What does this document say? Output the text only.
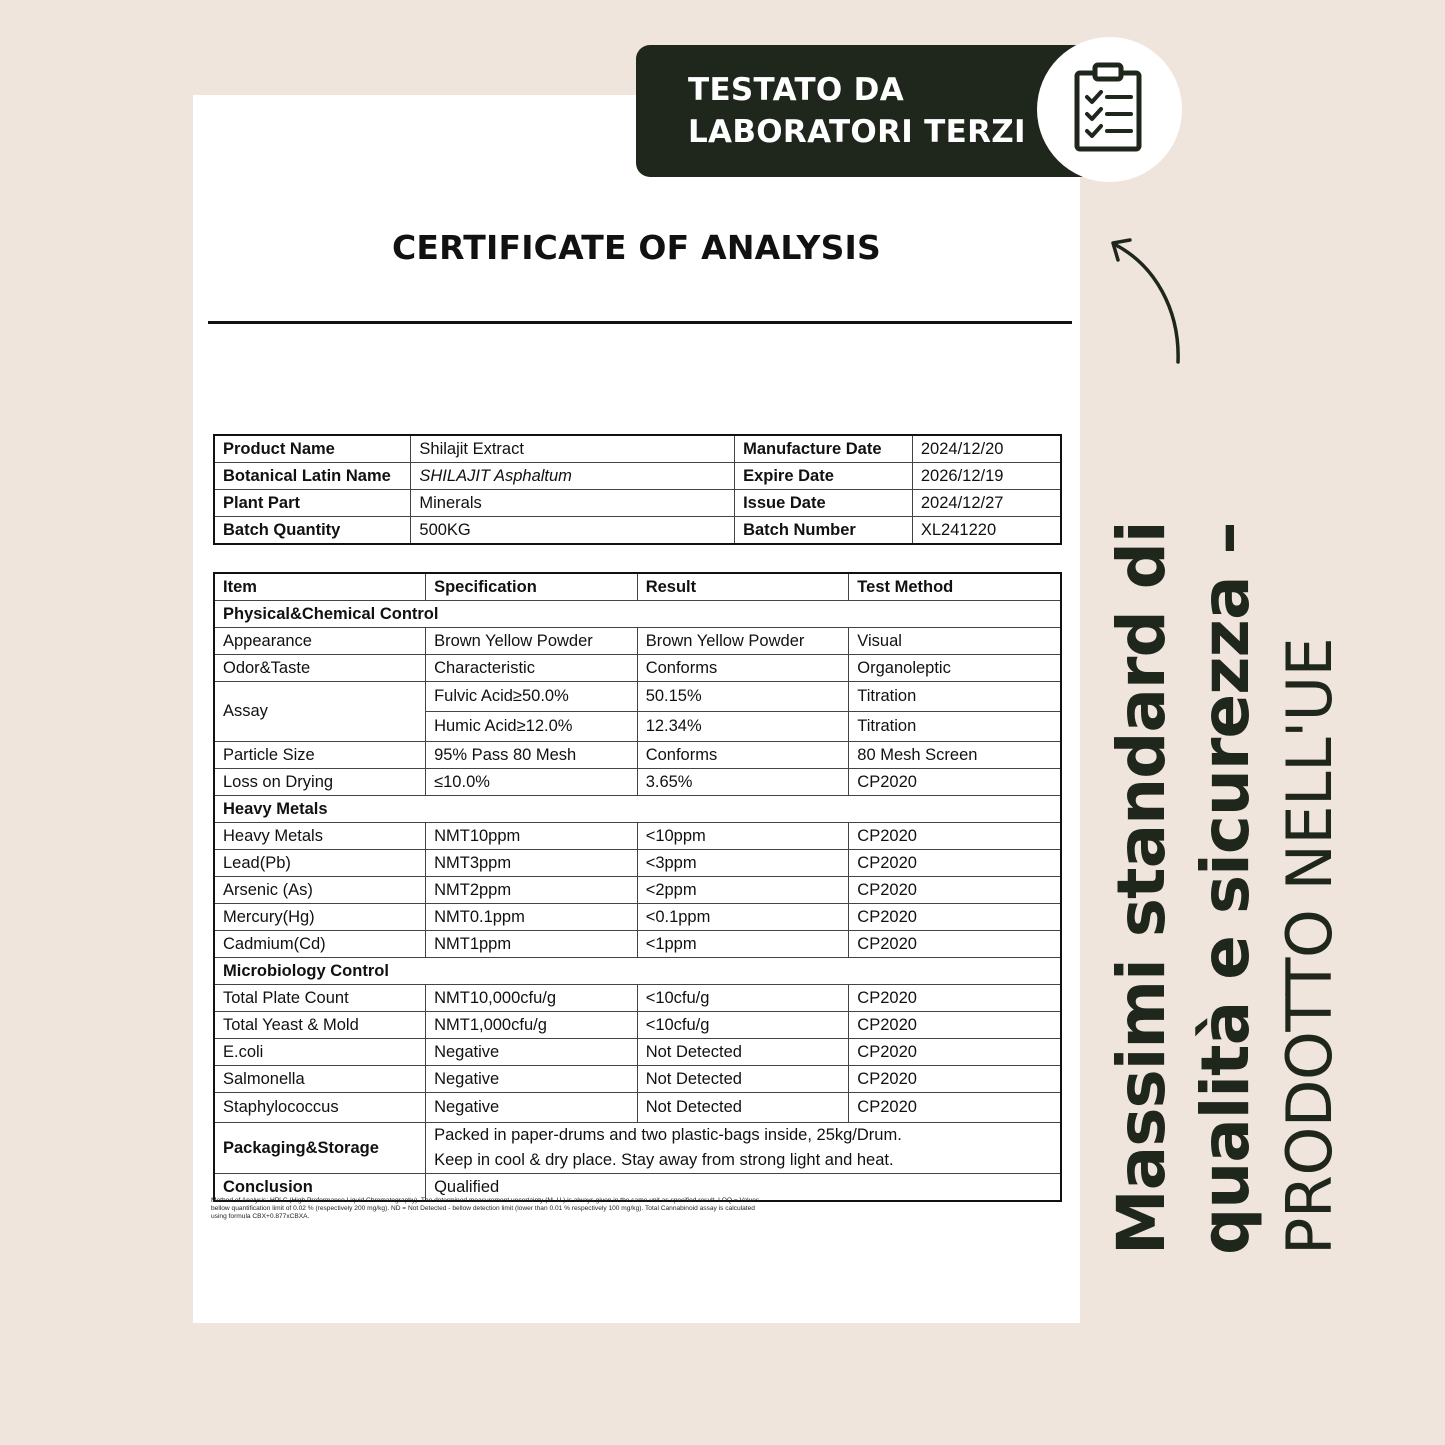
TESTATO DA
LABORATORI TERZI
CERTIFICATE OF ANALYSIS
Product Name	Shilajit Extract	Manufacture Date	2024/12/20
Botanical Latin Name	SHILAJIT Asphaltum	Expire Date	2026/12/19
Plant Part	Minerals	Issue Date	2024/12/27
Batch Quantity	500KG	Batch Number	XL241220
Item	Specification	Result	Test Method
Physical&Chemical Control			
Appearance	Brown Yellow Powder	Brown Yellow Powder	Visual
Odor&Taste	Characteristic	Conforms	Organoleptic
Assay	Fulvic Acid≥50.0%	50.15%	Titration
	Humic Acid≥12.0%	12.34%	Titration
Particle Size	95% Pass 80 Mesh	Conforms	80 Mesh Screen
Loss on Drying	≤10.0%	3.65%	CP2020
Heavy Metals			
Heavy Metals	NMT10ppm	<10ppm	CP2020
Lead(Pb)	NMT3ppm	<3ppm	CP2020
Arsenic (As)	NMT2ppm	<2ppm	CP2020
Mercury(Hg)	NMT0.1ppm	<0.1ppm	CP2020
Cadmium(Cd)	NMT1ppm	<1ppm	CP2020
Microbiology Control			
Total Plate Count	NMT10,000cfu/g	<10cfu/g	CP2020
Total Yeast & Mold	NMT1,000cfu/g	<10cfu/g	CP2020
E.coli	Negative	Not Detected	CP2020
Salmonella	Negative	Not Detected	CP2020
Staphylococcus	Negative	Not Detected	CP2020
Packaging&Storage	Packed in paper-drums and two plastic-bags inside, 25kg/Drum.
Keep in cool & dry place. Stay away from strong light and heat.		

Conclusion	Qualified		
Method of Analysis: HPLC (High Preformance Liquid Chromatography). The determined measurement uncertainty (M. U.) is always given in the same unit as specified result. LOQ = Values bellow quantification limit of 0.02 % (respectively 200 mg/kg). ND = Not Detected - bellow detection limit (lower than 0.01 % respectively 100 mg/kg). Total Cannabinoid assay is calculated using formula CBX+0.877xCBXA.	Massimi standard di qualità e sicurezza – PRODOTTO NELL'UE
